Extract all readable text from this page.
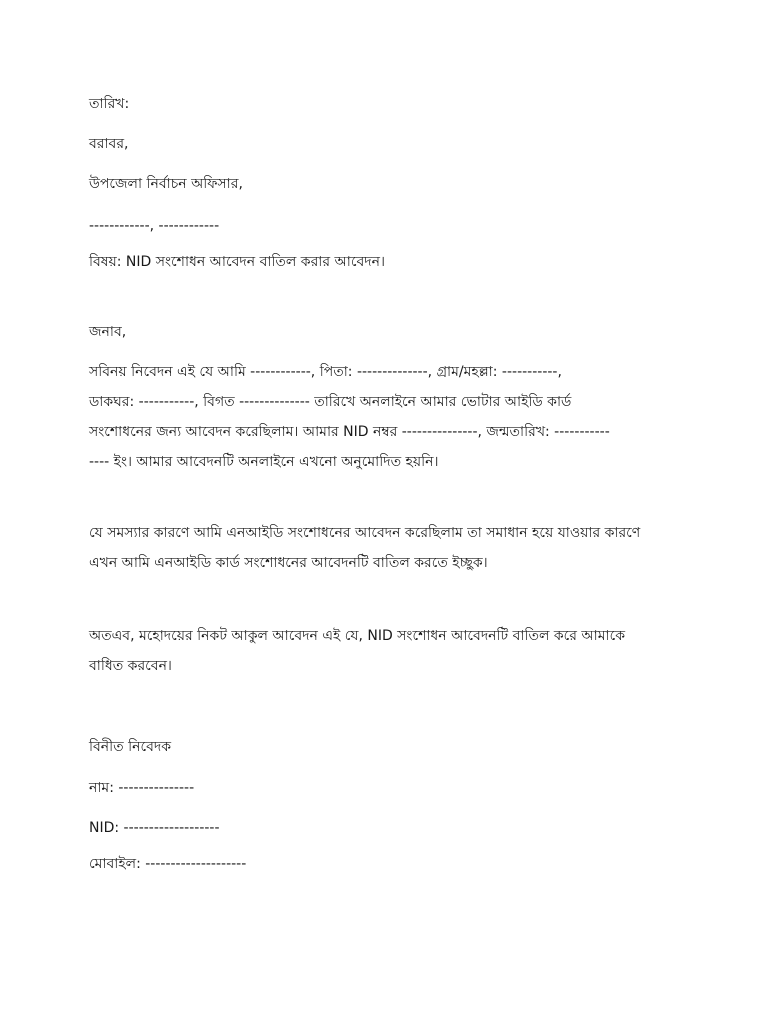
তারিখ:
বরাবর,
উপজেলা নির্বাচন অফিসার,
------------, ------------
বিষয়: NID সংশোধন আবেদন বাতিল করার আবেদন।
জনাব,
সবিনয় নিবেদন এই যে আমি ------------, পিতা: --------------, গ্রাম/মহল্লা: -----------,
ডাকঘর: -----------, বিগত -------------- তারিখে অনলাইনে আমার ভোটার আইডি কার্ড
সংশোধনের জন্য আবেদন করেছিলাম। আমার NID নম্বর ---------------, জন্মতারিখ: -----------
---- ইং। আমার আবেদনটি অনলাইনে এখনো অনুমোদিত হয়নি।
যে সমস্যার কারণে আমি এনআইডি সংশোধনের আবেদন করেছিলাম তা সমাধান হয়ে যাওয়ার কারণে
এখন আমি এনআইডি কার্ড সংশোধনের আবেদনটি বাতিল করতে ইচ্ছুক।
অতএব, মহোদয়ের নিকট আকুল আবেদন এই যে, NID সংশোধন আবেদনটি বাতিল করে আমাকে
বাধিত করবেন।
বিনীত নিবেদক
নাম: ---------------
NID: -------------------
মোবাইল: --------------------
